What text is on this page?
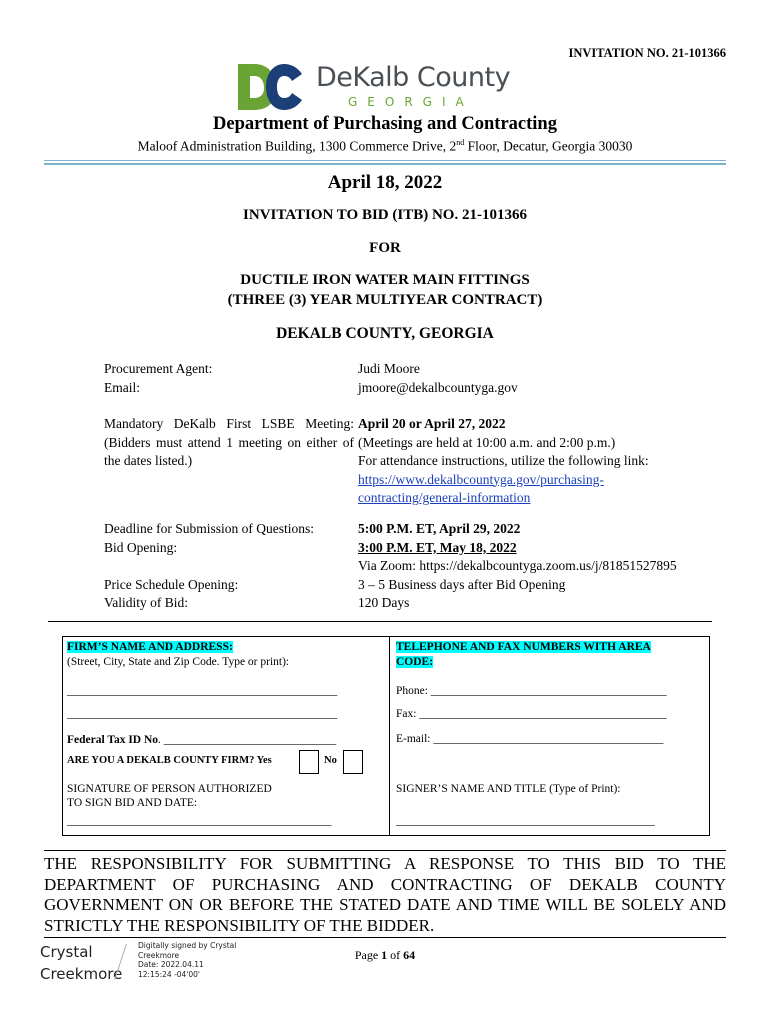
INVITATION NO. 21-101366
DeKalb County
GEORGIA
Department of Purchasing and Contracting
Maloof Administration Building, 1300 Commerce Drive, 2nd Floor, Decatur, Georgia 30030
April 18, 2022
INVITATION TO BID (ITB) NO. 21-101366
FOR
DUCTILE IRON WATER MAIN FITTINGS
(THREE (3) YEAR MULTIYEAR CONTRACT)
DEKALB COUNTY, GEORGIA
Procurement Agent:
Email:
Judi Moore
jmoore@dekalbcountyga.gov
Mandatory DeKalb First LSBE Meeting: (Bidders must attend 1 meeting on either of the dates listed.)
April 20 or April 27, 2022
(Meetings are held at 10:00 a.m. and 2:00 p.m.)
For attendance instructions, utilize the following link:
https://www.dekalbcountyga.gov/purchasing-contracting/general-information
Deadline for Submission of Questions:
Bid Opening:
Price Schedule Opening:
Validity of Bid:
5:00 P.M. ET, April 29, 2022
3:00 P.M. ET, May 18, 2022
Via Zoom: https://dekalbcountyga.zoom.us/j/81851527895
3 – 5 Business days after Bid Opening
120 Days
FIRM’S NAME AND ADDRESS:
(Street, City, State and Zip Code. Type or print):
_______________________________________________
_______________________________________________
TELEPHONE AND FAX NUMBERS WITH AREA
CODE:
Phone: _________________________________________
Fax: ___________________________________________
E-mail: ________________________________________
Federal Tax ID No. ______________________________
ARE YOU A DEKALB COUNTY FIRM? Yes	No
SIGNATURE OF PERSON AUTHORIZED
TO SIGN BID AND DATE:
______________________________________________
SIGNER’S NAME AND TITLE (Type of Print):
_____________________________________________
THE RESPONSIBILITY FOR SUBMITTING A RESPONSE TO THIS BID TO THE DEPARTMENT OF PURCHASING AND CONTRACTING OF DEKALB COUNTY GOVERNMENT ON OR BEFORE THE STATED DATE AND TIME WILL BE SOLELY AND STRICTLY THE RESPONSIBILITY OF THE BIDDER.
Crystal
Creekmore
Digitally signed by Crystal
Creekmore
Date: 2022.04.11
12:15:24 -04'00'
Page 1 of 64
